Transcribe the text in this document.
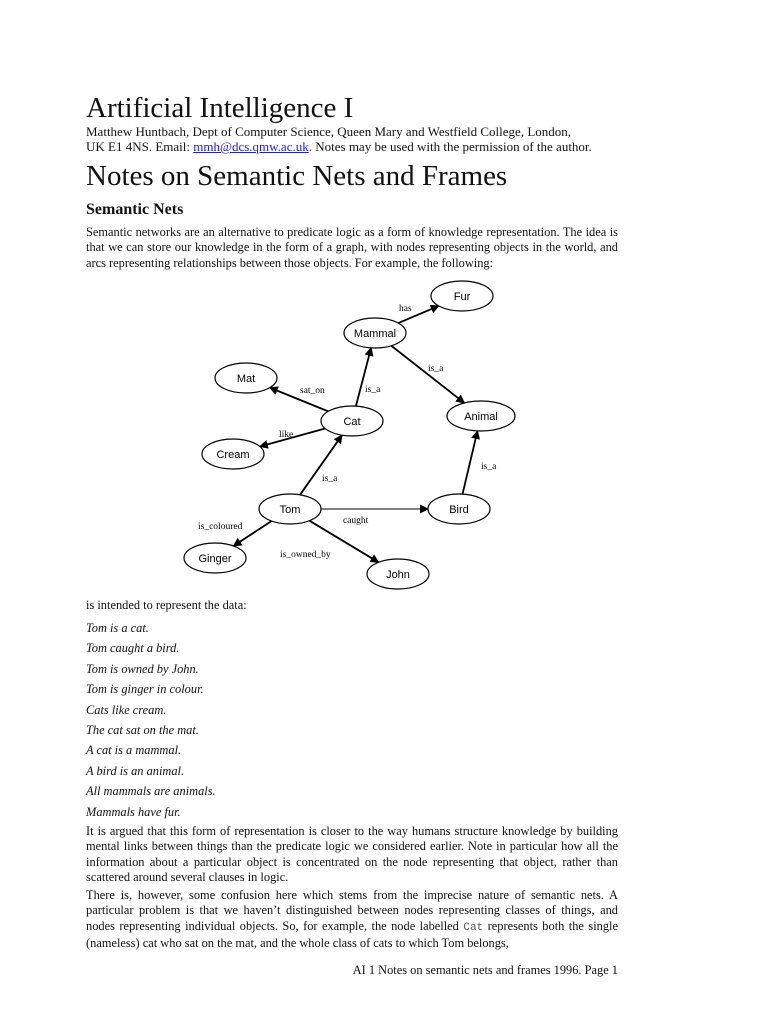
Artificial Intelligence I
Matthew Huntbach, Dept of Computer Science, Queen Mary and Westfield College, London,
UK E1 4NS. Email: mmh@dcs.qmw.ac.uk. Notes may be used with the permission of the author.
Notes on Semantic Nets and Frames
Semantic Nets

Semantic networks are an alternative to predicate logic as a form of knowledge representation. The idea is that we can store our knowledge in the form of a graph, with nodes representing objects in the world, and arcs representing relationships between those objects. For example, the following:

is intended to represent the data:
Tom is a cat.
Tom caught a bird.
Tom is owned by John.
Tom is ginger in colour.
Cats like cream.
The cat sat on the mat.
A cat is a mammal.
A bird is an animal.
All mammals are animals.
Mammals have fur.

It is argued that this form of representation is closer to the way humans structure knowledge by building mental links between things than the predicate logic we considered earlier. Note in particular how all the information about a particular object is concentrated on the node representing that object, rather than scattered around several clauses in logic.

There is, however, some confusion here which stems from the imprecise nature of semantic nets. A particular problem is that we haven’t distinguished between nodes representing classes of things, and nodes representing individual objects. So, for example, the node labelled Cat represents both the single (nameless) cat who sat on the mat, and the whole class of cats to which Tom belongs,

has
is_a
sat_on	is_a
like
is_a
caught
is_a
is_coloured
is_owned_by
Fur
Mammal
Mat
Cat	Animal
Cream
Tom	Bird
Ginger
John
AI 1 Notes on semantic nets and frames 1996. Page 1
